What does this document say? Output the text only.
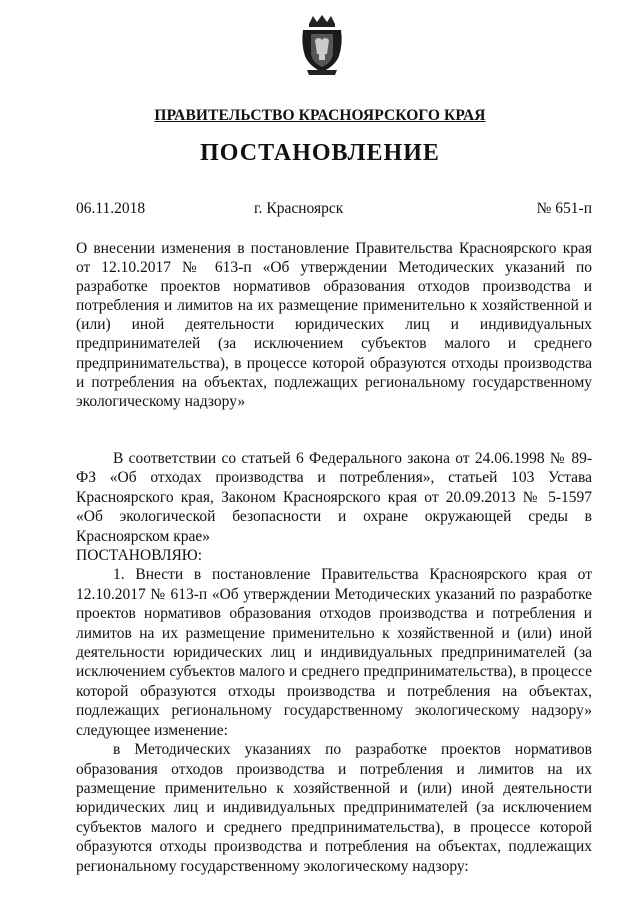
ПРАВИТЕЛЬСТВО КРАСНОЯРСКОГО КРАЯ
ПОСТАНОВЛЕНИЕ
06.11.2018	г. Красноярск	№ 651-п
О внесении изменения в постановление Правительства Красноярского края от 12.10.2017 № 613-п «Об утверждении Методических указаний по разработке проектов нормативов образования отходов производства и потребления и лимитов на их размещение применительно к хозяйственной и (или) иной деятельности юридических лиц и индивидуальных предпринимателей (за исключением субъектов малого и среднего предпринимательства), в процессе которой образуются отходы производства и потребления на объектах, подлежащих региональному государственному экологическому надзору»

В соответствии со статьей 6 Федерального закона от 24.06.1998 № 89-ФЗ «Об отходах производства и потребления», статьей 103 Устава Красноярского края, Законом Красноярского края от 20.09.2013 № 5-1597 «Об экологической безопасности и охране окружающей среды в Красноярском крае»

ПОСТАНОВЛЯЮ:

1. Внести в постановление Правительства Красноярского края от 12.10.2017 № 613-п «Об утверждении Методических указаний по разработке проектов нормативов образования отходов производства и потребления и лимитов на их размещение применительно к хозяйственной и (или) иной деятельности юридических лиц и индивидуальных предпринимателей (за исключением субъектов малого и среднего предпринимательства), в процессе которой образуются отходы производства и потребления на объектах, подлежащих региональному государственному экологическому надзору» следующее изменение:

в Методических указаниях по разработке проектов нормативов образования отходов производства и потребления и лимитов на их размещение применительно к хозяйственной и (или) иной деятельности юридических лиц и индивидуальных предпринимателей (за исключением субъектов малого и среднего предпринимательства), в процессе которой образуются отходы производства и потребления на объектах, подлежащих региональному государственному экологическому надзору:
